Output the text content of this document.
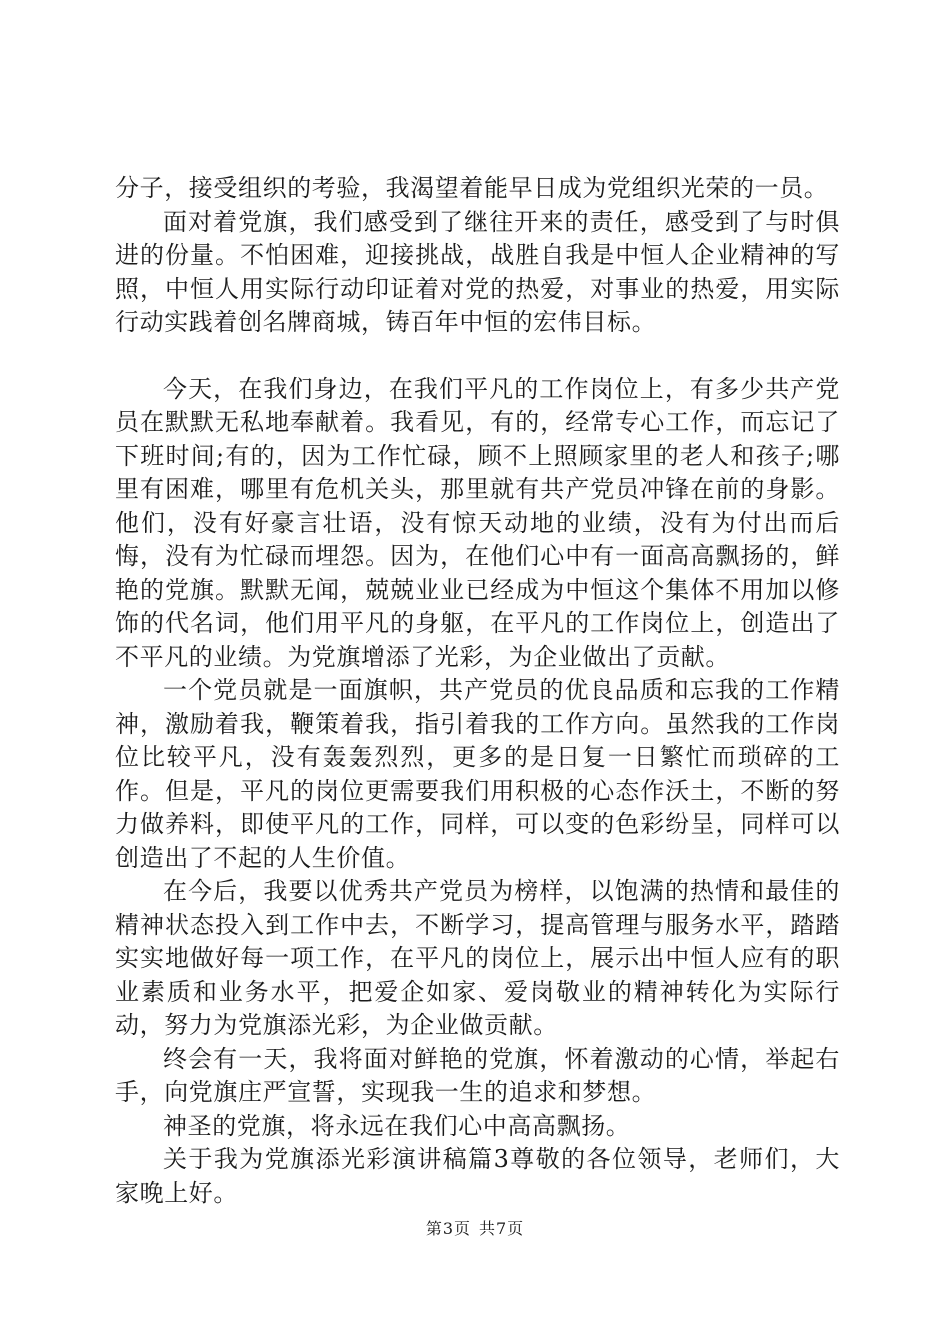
分子，接受组织的考验，我渴望着能早日成为党组织光荣的一员。

面对着党旗，我们感受到了继往开来的责任，感受到了与时俱进的份量。不怕困难，迎接挑战，战胜自我是中恒人企业精神的写照，中恒人用实际行动印证着对党的热爱，对事业的热爱，用实际行动实践着创名牌商城，铸百年中恒的宏伟目标。

今天，在我们身边，在我们平凡的工作岗位上，有多少共产党员在默默无私地奉献着。我看见，有的，经常专心工作，而忘记了下班时间;有的，因为工作忙碌，顾不上照顾家里的老人和孩子;哪里有困难，哪里有危机关头，那里就有共产党员冲锋在前的身影。他们，没有好豪言壮语，没有惊天动地的业绩，没有为付出而后悔，没有为忙碌而埋怨。因为，在他们心中有一面高高飘扬的，鲜艳的党旗。默默无闻，兢兢业业已经成为中恒这个集体不用加以修饰的代名词，他们用平凡的身躯，在平凡的工作岗位上，创造出了不平凡的业绩。为党旗增添了光彩，为企业做出了贡献。

一个党员就是一面旗帜，共产党员的优良品质和忘我的工作精神，激励着我，鞭策着我，指引着我的工作方向。虽然我的工作岗位比较平凡，没有轰轰烈烈，更多的是日复一日繁忙而琐碎的工作。但是，平凡的岗位更需要我们用积极的心态作沃土，不断的努力做养料，即使平凡的工作，同样，可以变的色彩纷呈，同样可以创造出了不起的人生价值。

在今后，我要以优秀共产党员为榜样，以饱满的热情和最佳的精神状态投入到工作中去，不断学习，提高管理与服务水平，踏踏实实地做好每一项工作，在平凡的岗位上，展示出中恒人应有的职业素质和业务水平，把爱企如家、爱岗敬业的精神转化为实际行动，努力为党旗添光彩，为企业做贡献。

终会有一天，我将面对鲜艳的党旗，怀着激动的心情，举起右手，向党旗庄严宣誓，实现我一生的追求和梦想。

神圣的党旗，将永远在我们心中高高飘扬。

关于我为党旗添光彩演讲稿篇3尊敬的各位领导，老师们，大家晚上好。

第3页 共7页
